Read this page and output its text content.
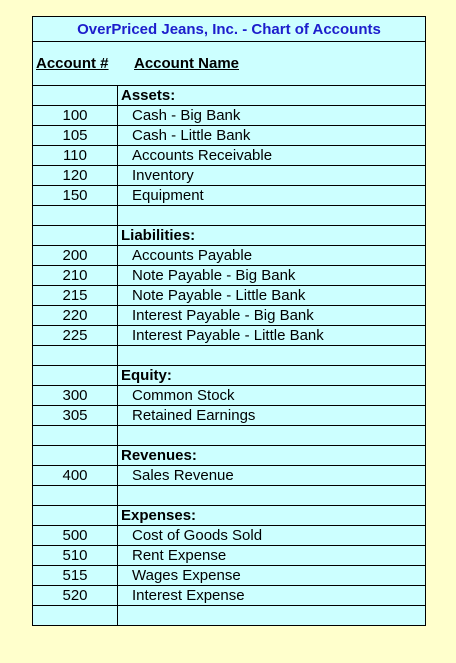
OverPriced Jeans, Inc. - Chart of Accounts
Account #	Account Name
Assets:
100	Cash - Big Bank
105	Cash - Little Bank
110	Accounts Receivable
120	Inventory
150	Equipment
Liabilities:
200	Accounts Payable
210	Note Payable - Big Bank
215	Note Payable - Little Bank
220	Interest Payable - Big Bank
225	Interest Payable - Little Bank
Equity:
300	Common Stock
305	Retained Earnings
Revenues:
400	Sales Revenue
Expenses:
500	Cost of Goods Sold
510	Rent Expense
515	Wages Expense
520	Interest Expense
